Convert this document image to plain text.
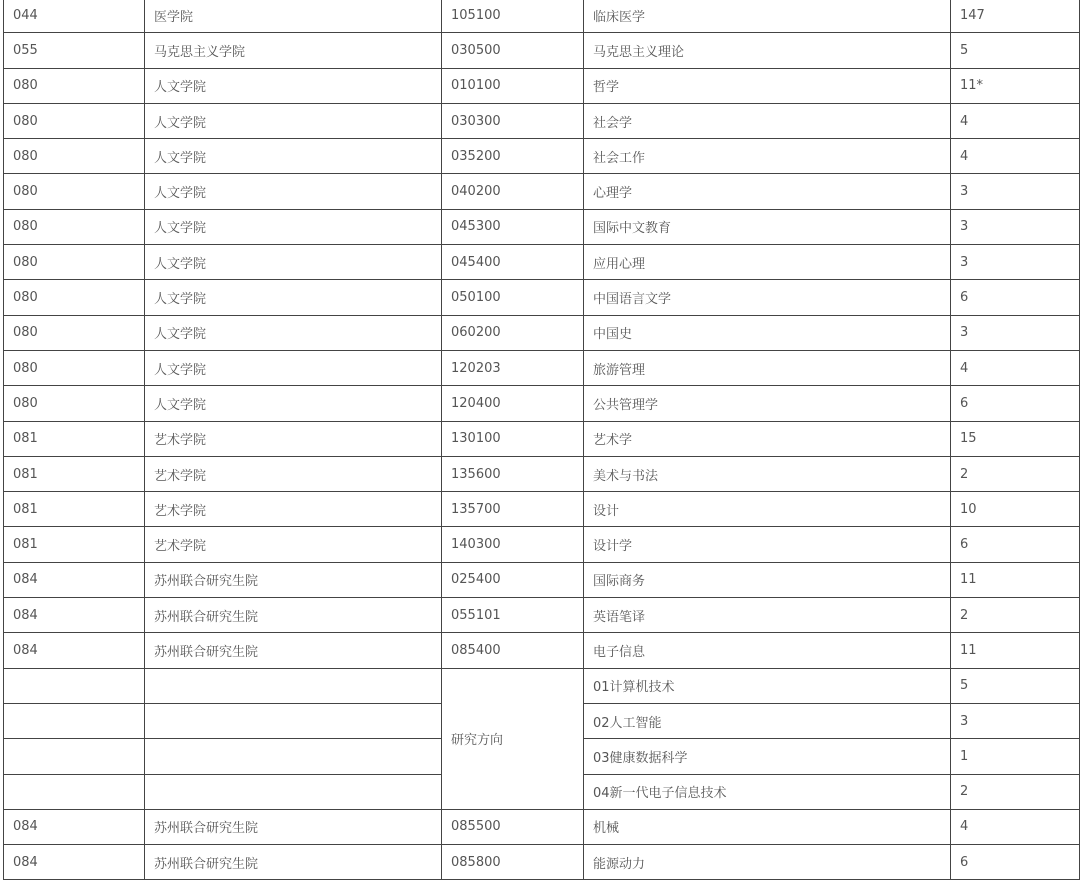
044	医学院	105100	临床医学	147
055	马克思主义学院	030500	马克思主义理论	5
080	人文学院	010100	哲学	11*
080	人文学院	030300	社会学	4
080	人文学院	035200	社会工作	4
080	人文学院	040200	心理学	3
080	人文学院	045300	国际中文教育	3
080	人文学院	045400	应用心理	3
080	人文学院	050100	中国语言文学	6
080	人文学院	060200	中国史	3
080	人文学院	120203	旅游管理	4
080	人文学院	120400	公共管理学	6
081	艺术学院	130100	艺术学	15
081	艺术学院	135600	美术与书法	2
081	艺术学院	135700	设计	10
081	艺术学院	140300	设计学	6
084	苏州联合研究生院	025400	国际商务	11
084	苏州联合研究生院	055101	英语笔译	2
084	苏州联合研究生院	085400	电子信息	11
		研究方向	01计算机技术	5
			02人工智能	3
			03健康数据科学	1
			04新一代电子信息技术	2
084	苏州联合研究生院	085500	机械	4
084	苏州联合研究生院	085800	能源动力	6
